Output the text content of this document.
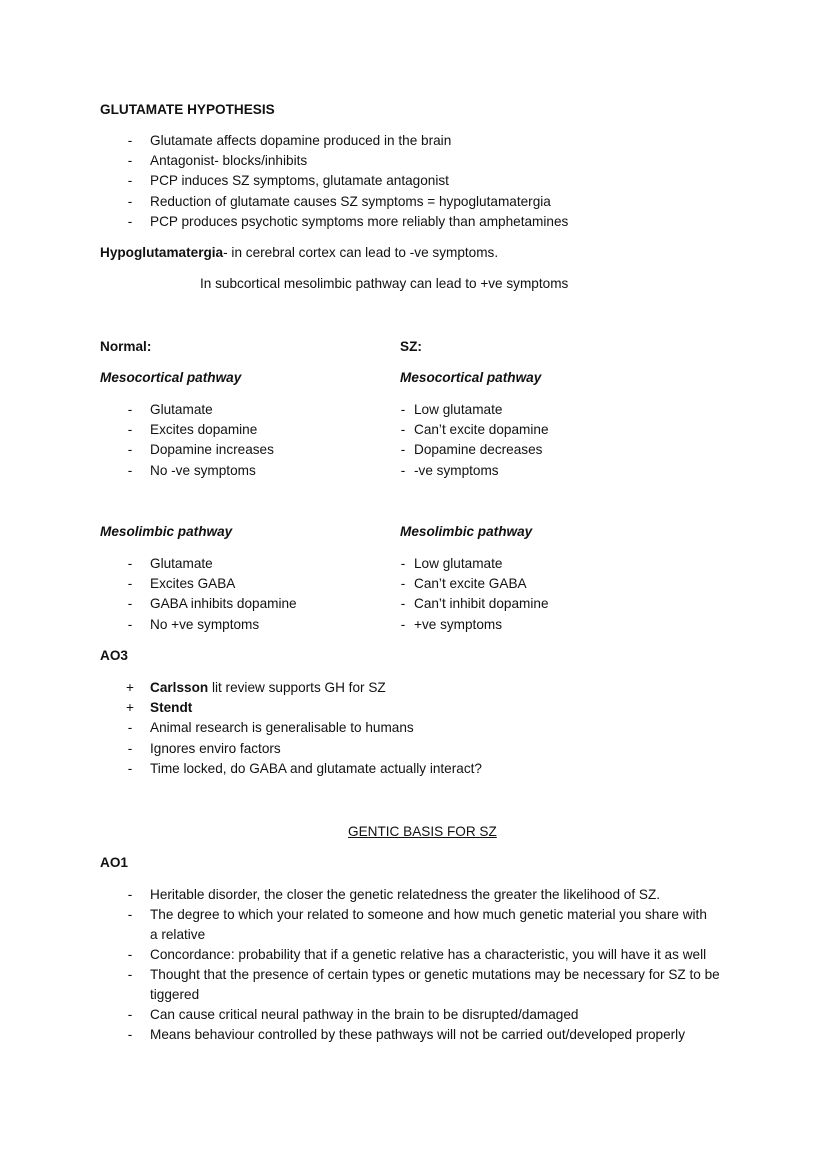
GLUTAMATE HYPOTHESIS
- Glutamate affects dopamine produced in the brain
- Antagonist- blocks/inhibits
- PCP induces SZ symptoms, glutamate antagonist
- Reduction of glutamate causes SZ symptoms = hypoglutamatergia
- PCP produces psychotic symptoms more reliably than amphetamines
Hypoglutamatergia- in cerebral cortex can lead to -ve symptoms.
In subcortical mesolimbic pathway can lead to +ve symptoms
Normal:
Mesocortical pathway
- Glutamate
- Excites dopamine
- Dopamine increases
- No -ve symptoms
Mesolimbic pathway
- Glutamate
- Excites GABA
- GABA inhibits dopamine
- No +ve symptoms
SZ:
Mesocortical pathway
- Low glutamate
- Can’t excite dopamine
- Dopamine decreases
- -ve symptoms
Mesolimbic pathway
- Low glutamate
- Can’t excite GABA
- Can’t inhibit dopamine
- +ve symptoms
AO3
+ Carlsson lit review supports GH for SZ
+ Stendt
- Animal research is generalisable to humans
- Ignores enviro factors
- Time locked, do GABA and glutamate actually interact?
GENTIC BASIS FOR SZ
AO1
- Heritable disorder, the closer the genetic relatedness the greater the likelihood of SZ.
- The degree to which your related to someone and how much genetic material you share with a relative
- Concordance: probability that if a genetic relative has a characteristic, you will have it as well
- Thought that the presence of certain types or genetic mutations may be necessary for SZ to be tiggered
- Can cause critical neural pathway in the brain to be disrupted/damaged
- Means behaviour controlled by these pathways will not be carried out/developed properly
